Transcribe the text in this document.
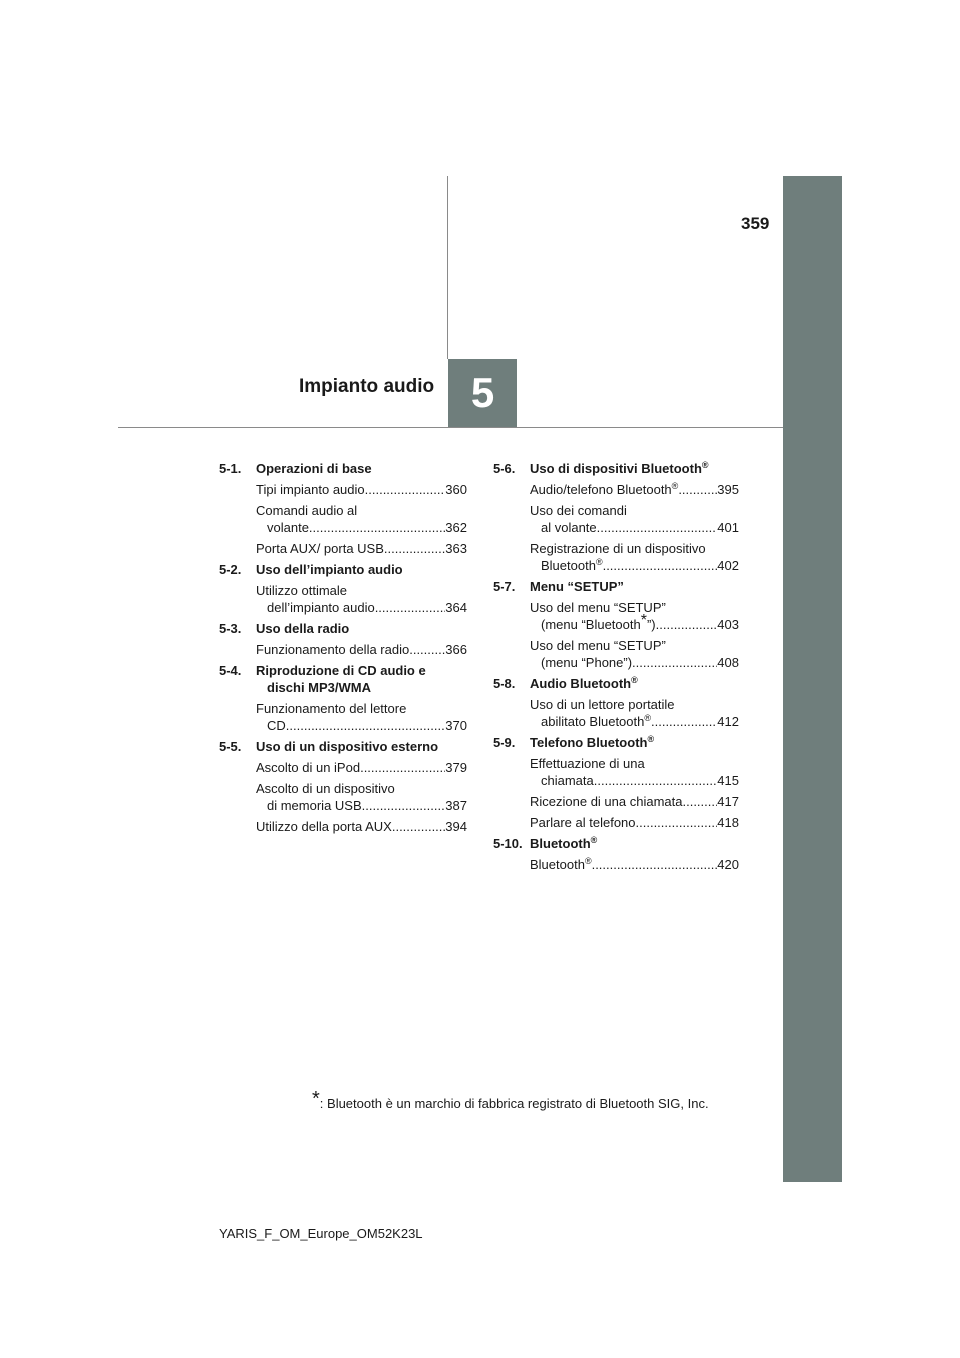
359
Impianto audio 5
5-1.	Operazioni di base
Tipi impianto audio .....	360
Comandi audio al
volante .....	362
Porta AUX/ porta USB .....	363
5-2.	Uso dell’impianto audio
Utilizzo ottimale
dell’impianto audio .....	364
5-3.	Uso della radio
Funzionamento della radio .....	366
5-4.	Riproduzione di CD audio e
dischi MP3/WMA
Funzionamento del lettore
CD .....	370
5-5.	Uso di un dispositivo esterno
Ascolto di un iPod .....	379
Ascolto di un dispositivo
di memoria USB .....	387
Utilizzo della porta AUX .....	394
5-6.	Uso di dispositivi Bluetooth®
Audio/telefono Bluetooth® .....	395
Uso dei comandi
al volante .....	401
Registrazione di un dispositivo
Bluetooth® .....	402
5-7.	Menu “SETUP”
Uso del menu “SETUP”
(menu “Bluetooth*”) .....	403
Uso del menu “SETUP”
(menu “Phone”) .....	408
5-8.	Audio Bluetooth®
Uso di un lettore portatile
abilitato Bluetooth® .....	412
5-9.	Telefono Bluetooth®
Effettuazione di una
chiamata .....	415
Ricezione di una chiamata .....	417
Parlare al telefono .....	418
5-10. Bluetooth®
Bluetooth® .....	420
*: Bluetooth è un marchio di fabbrica registrato di Bluetooth SIG, Inc.
YARIS_F_OM_Europe_OM52K23L
